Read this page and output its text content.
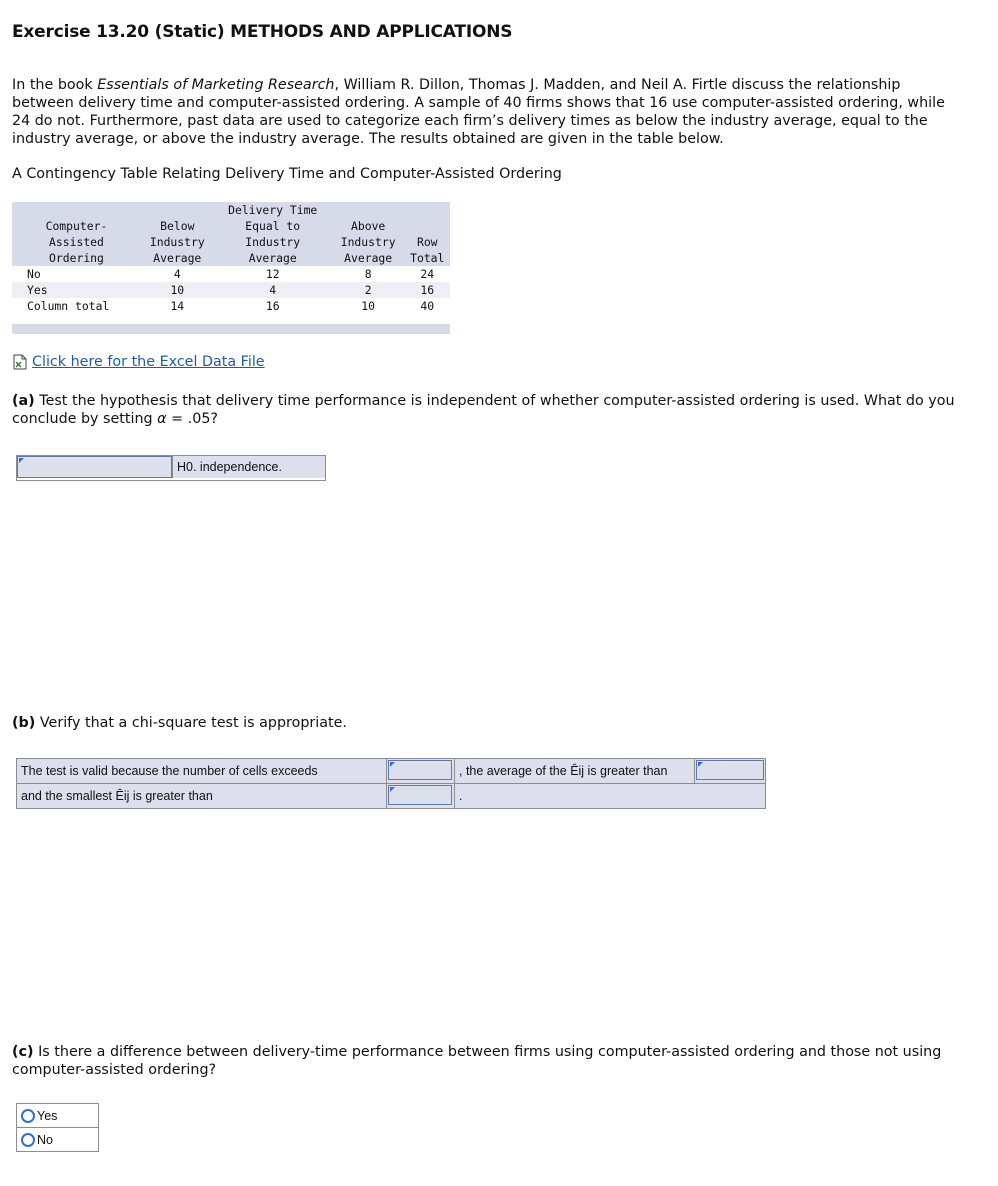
Exercise 13.20 (Static) METHODS AND APPLICATIONS
In the book Essentials of Marketing Research, William R. Dillon, Thomas J. Madden, and Neil A. Firtle discuss the relationship between delivery time and computer-assisted ordering. A sample of 40 firms shows that 16 use computer-assisted ordering, while 24 do not. Furthermore, past data are used to categorize each firm’s delivery times as below the industry average, equal to the industry average, or above the industry average. The results obtained are given in the table below.
A Contingency Table Relating Delivery Time and Computer-Assisted Ordering
		Delivery Time		
Computer-	Below	Equal to	Above	
Assisted	Industry	Industry	Industry	Row
Ordering	Average	Average	Average	Total
No	4	12	8	24
Yes	10	4	2	16
Column total	14	16	10	40
Click here for the Excel Data File
(a) Test the hypothesis that delivery time performance is independent of whether computer-assisted ordering is used. What do you conclude by setting α = .05?
H0. independence.
(b) Verify that a chi-square test is appropriate.
The test is valid because the number of cells exceeds	, the average of the Êij is greater than
and the smallest Êij is greater than	.
(c) Is there a difference between delivery-time performance between firms using computer-assisted ordering and those not using computer-assisted ordering?
Yes
No
